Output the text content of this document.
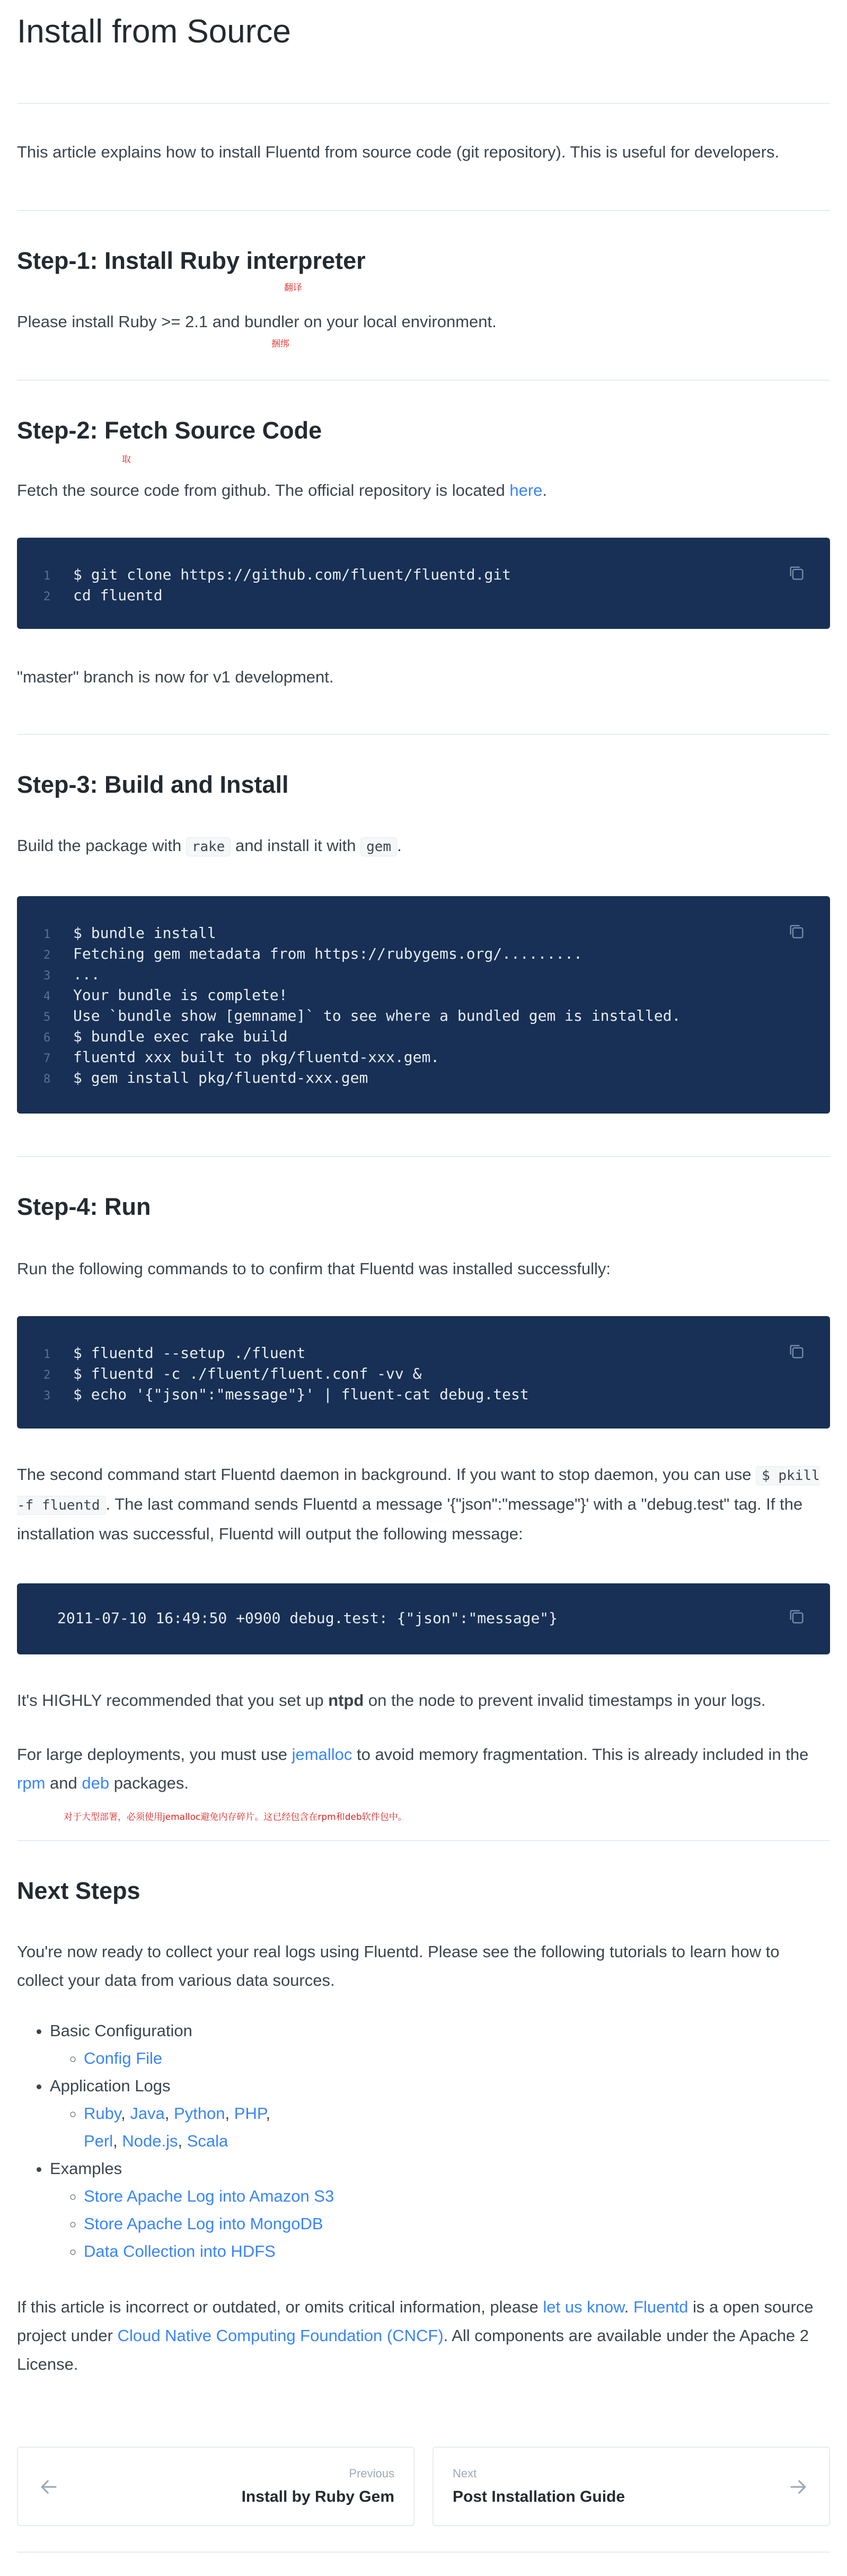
Install from Source

This article explains how to install Fluentd from source code (git repository). This is useful for developers.

Step-1: Install Ruby interpreter
翻译

Please install Ruby >= 2.1 and bundler on your local environment.

捆绑
Step-2: Fetch Source Code
取

Fetch the source code from github. The official repository is located here.

1 $ git clone https://github.com/fluent/fluentd.git
2 cd fluentd

"master" branch is now for v1 development.

Step-3: Build and Install

Build the package with rake and install it with gem .

1 $ bundle install
2 Fetching gem metadata from https://rubygems.org/.........
3 ...
4 Your bundle is complete!
5 Use `bundle show [gemname]` to see where a bundled gem is installed.
6 $ bundle exec rake build
7 fluentd xxx built to pkg/fluentd-xxx.gem.
8 $ gem install pkg/fluentd-xxx.gem
Step-4: Run

Run the following commands to to confirm that Fluentd was installed successfully:

1 $ fluentd --setup ./fluent
2 $ fluentd -c ./fluent/fluent.conf -vv &
3 $ echo '{"json":"message"}' | fluent-cat debug.test

The second command start Fluentd daemon in background. If you want to stop daemon, you can use $ pkill -f fluentd . The last command sends Fluentd a message '{"json":"message"}' with a "debug.test" tag. If the installation was successful, Fluentd will output the following message:

2011-07-10 16:49:50 +0900 debug.test: {"json":"message"}

It's HIGHLY recommended that you set up ntpd on the node to prevent invalid timestamps in your logs.

For large deployments, you must use jemalloc to avoid memory fragmentation. This is already included in the rpm and deb packages.

对于大型部署，必须使用jemalloc避免内存碎片。这已经包含在rpm和deb软件包中。
Next Steps

You're now ready to collect your real logs using Fluentd. Please see the following tutorials to learn how to collect your data from various data sources.

• Basic Configuration
◦ Config File
• Application Logs
◦ Ruby, Java, Python, PHP,
Perl, Node.js, Scala
• Examples
◦ Store Apache Log into Amazon S3
◦ Store Apache Log into MongoDB
◦ Data Collection into HDFS

If this article is incorrect or outdated, or omits critical information, please let us know. Fluentd is a open source project under Cloud Native Computing Foundation (CNCF). All components are available under the Apache 2 License.

Previous
Install by Ruby Gem
Next
Post Installation Guide
